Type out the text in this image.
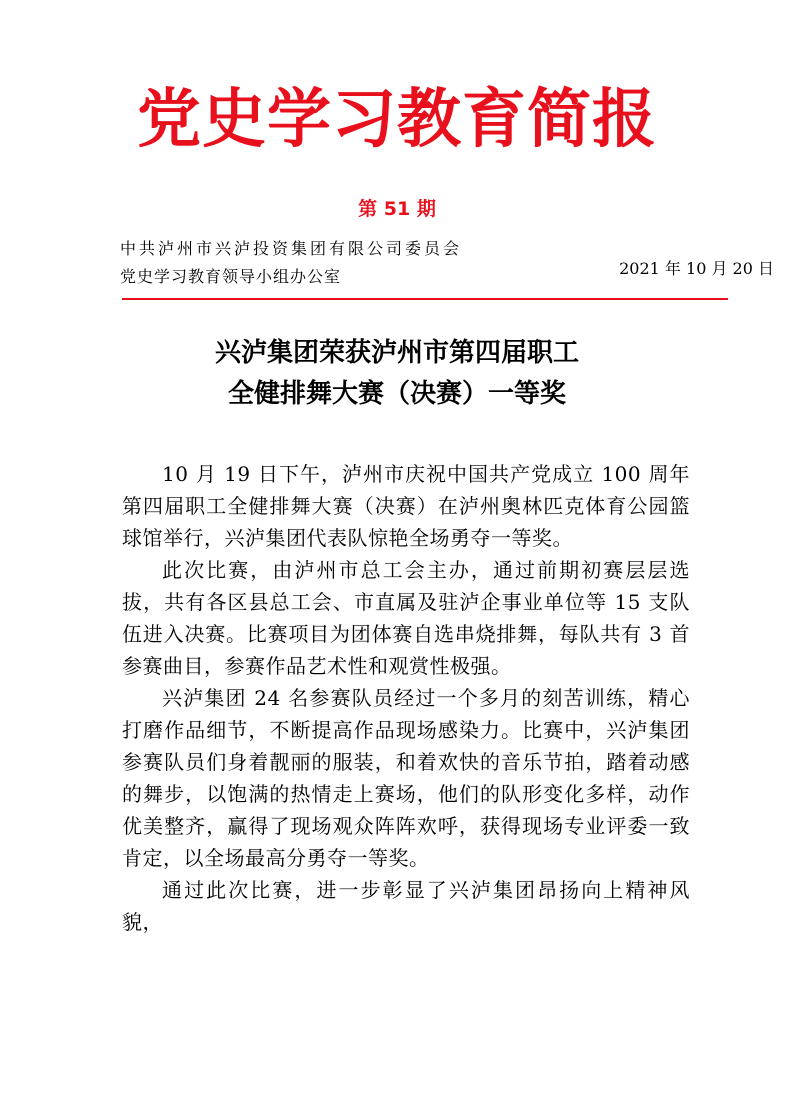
党史学习教育简报
第 51 期
中共泸州市兴泸投资集团有限公司委员会
党史学习教育领导小组办公室	2021 年 10 月 20 日
兴泸集团荣获泸州市第四届职工
全健排舞大赛（决赛）一等奖

10 月 19 日下午，泸州市庆祝中国共产党成立 100 周年第四届职工全健排舞大赛（决赛）在泸州奥林匹克体育公园篮球馆举行，兴泸集团代表队惊艳全场勇夺一等奖。

此次比赛，由泸州市总工会主办，通过前期初赛层层选拔，共有各区县总工会、市直属及驻泸企事业单位等 15 支队伍进入决赛。比赛项目为团体赛自选串烧排舞，每队共有 3 首参赛曲目，参赛作品艺术性和观赏性极强。

兴泸集团 24 名参赛队员经过一个多月的刻苦训练，精心打磨作品细节，不断提高作品现场感染力。比赛中，兴泸集团参赛队员们身着靓丽的服装，和着欢快的音乐节拍，踏着动感的舞步，以饱满的热情走上赛场，他们的队形变化多样，动作优美整齐，赢得了现场观众阵阵欢呼，获得现场专业评委一致肯定，以全场最高分勇夺一等奖。

通过此次比赛，进一步彰显了兴泸集团昂扬向上精神风貌，
